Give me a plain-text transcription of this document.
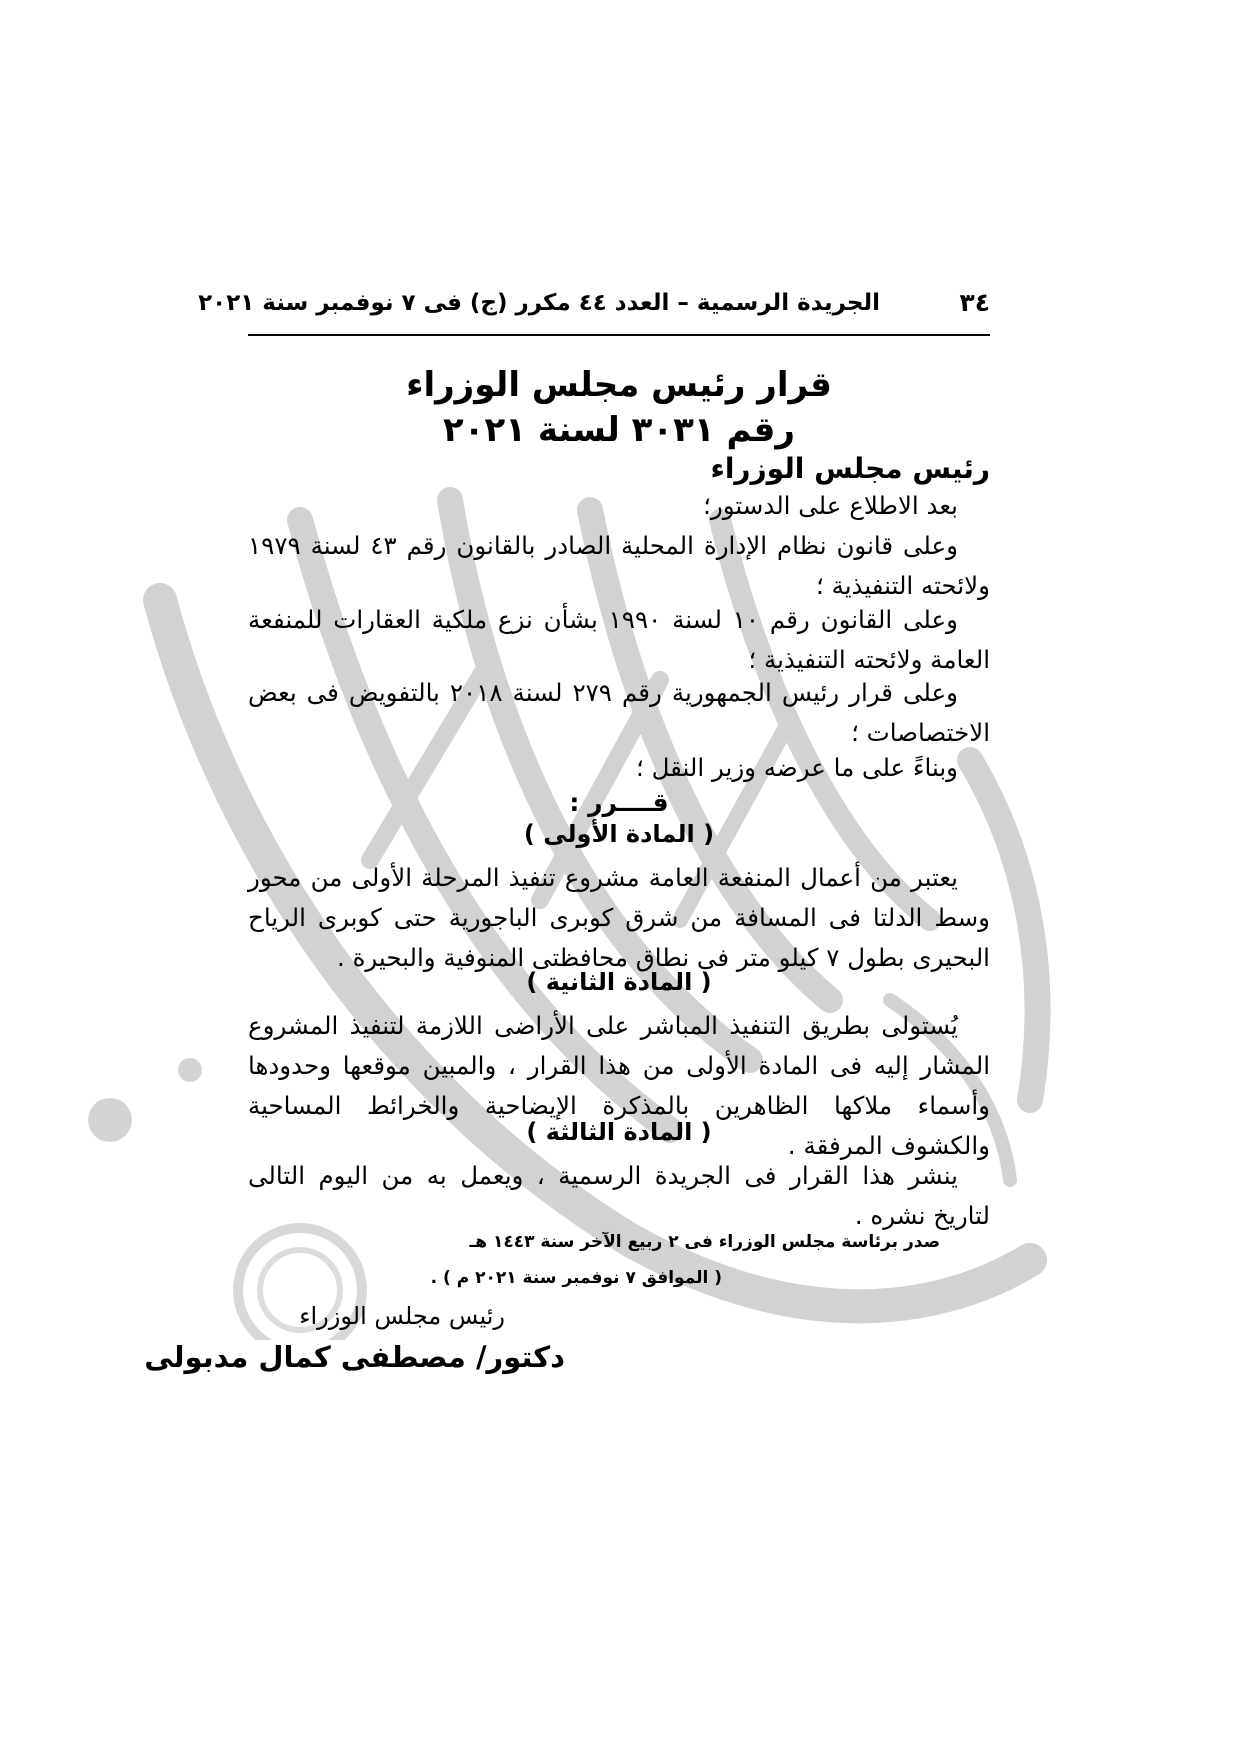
٣٤
الجريدة الرسمية – العدد ٤٤ مكرر (ج) فى ٧ نوفمبر سنة ٢٠٢١
قرار رئيس مجلس الوزراء
رقم ٣٠٣١ لسنة ٢٠٢١
رئيس مجلس الوزراء
بعد الاطلاع على الدستور؛
وعلى قانون نظام الإدارة المحلية الصادر بالقانون رقم ٤٣ لسنة ١٩٧٩ ولائحته التنفيذية ؛
وعلى القانون رقم ١٠ لسنة ١٩٩٠ بشأن نزع ملكية العقارات للمنفعة العامة ولائحته التنفيذية ؛
وعلى قرار رئيس الجمهورية رقم ٢٧٩ لسنة ٢٠١٨ بالتفويض فى بعض الاختصاصات ؛
وبناءً على ما عرضه وزير النقل ؛
قــــرر :
( المادة الأولى )
يعتبر من أعمال المنفعة العامة مشروع تنفيذ المرحلة الأولى من محور وسط الدلتا فى المسافة من شرق كوبرى الباجورية حتى كوبرى الرياح البحيرى بطول ٧ كيلو متر فى نطاق محافظتى المنوفية والبحيرة .
( المادة الثانية )
يُستولى بطريق التنفيذ المباشر على الأراضى اللازمة لتنفيذ المشروع المشار إليه فى المادة الأولى من هذا القرار ، والمبين موقعها وحدودها وأسماء ملاكها الظاهرين بالمذكرة الإيضاحية والخرائط المساحية والكشوف المرفقة .
( المادة الثالثة )
ينشر هذا القرار فى الجريدة الرسمية ، ويعمل به من اليوم التالى لتاريخ نشره .
صدر برئاسة مجلس الوزراء فى ٢ ربيع الآخر سنة ١٤٤٣ هـ
( الموافق ٧ نوفمبر سنة ٢٠٢١ م ) .
رئيس مجلس الوزراء
دكتور/ مصطفى كمال مدبولى
